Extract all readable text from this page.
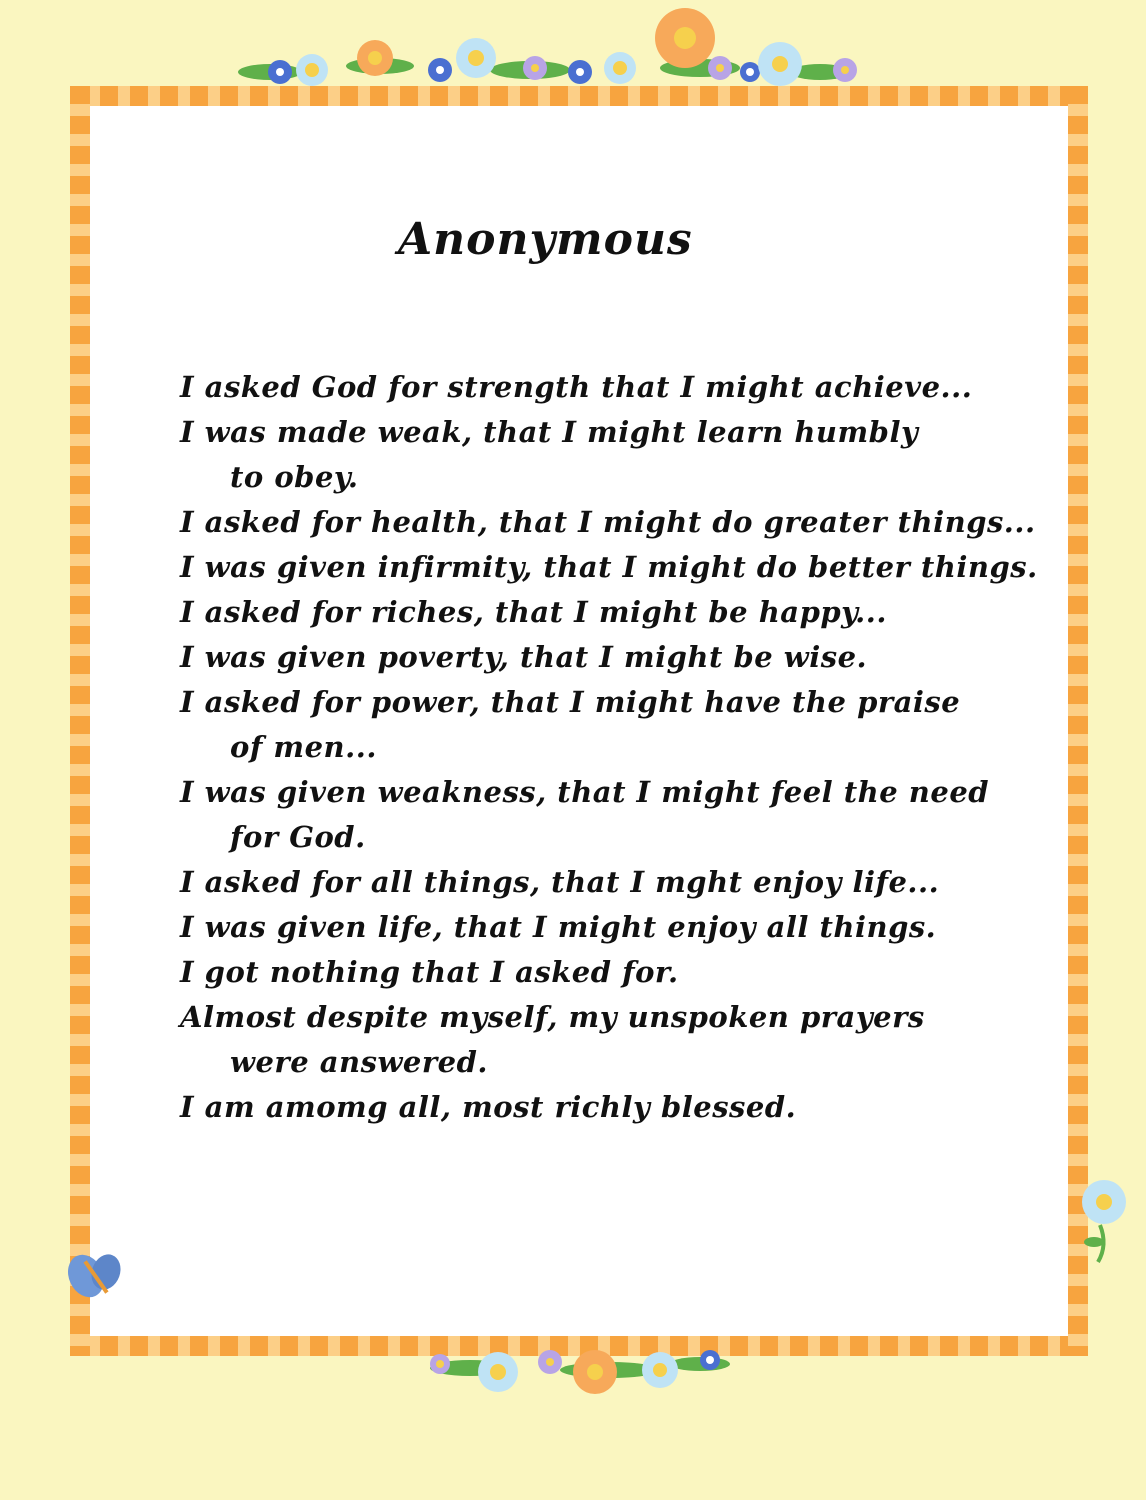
Anonymous
I asked God for strength that I might achieve...
I was made weak, that I might learn humbly
to obey.
I asked for health, that I might do greater things...
I was given infirmity, that I might do better things.
I asked for riches, that I might be happy...
I was given poverty, that I might be wise.
I asked for power, that I might have the praise
of men...
I was given weakness, that I might feel the need
for God.
I asked for all things, that I mght enjoy life...
I was given life, that I might enjoy all things.
I got nothing that I asked for.
Almost despite myself, my unspoken prayers
were answered.
I am amomg all, most richly blessed.
